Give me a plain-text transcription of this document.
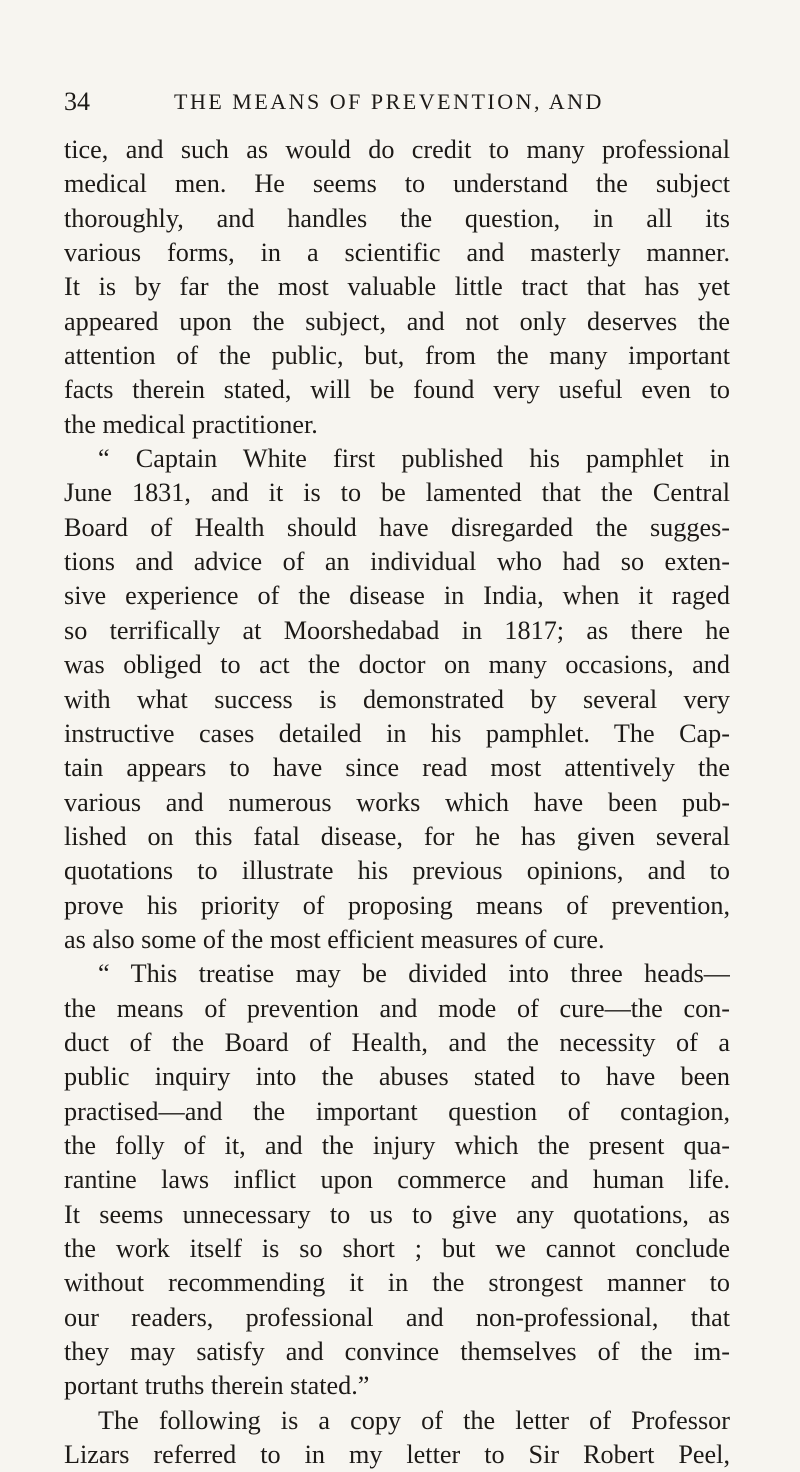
34	THE MEANS OF PREVENTION, AND
tice, and such as would do credit to many professional
medical men. He seems to understand the subject
thoroughly, and handles the question, in all its
various forms, in a scientific and masterly manner.
It is by far the most valuable little tract that has yet
appeared upon the subject, and not only deserves the
attention of the public, but, from the many important
facts therein stated, will be found very useful even to
the medical practitioner.
“ Captain White first published his pamphlet in
June 1831, and it is to be lamented that the Central
Board of Health should have disregarded the sugges-
tions and advice of an individual who had so exten-
sive experience of the disease in India, when it raged
so terrifically at Moorshedabad in 1817; as there he
was obliged to act the doctor on many occasions, and
with what success is demonstrated by several very
instructive cases detailed in his pamphlet. The Cap-
tain appears to have since read most attentively the
various and numerous works which have been pub-
lished on this fatal disease, for he has given several
quotations to illustrate his previous opinions, and to
prove his priority of proposing means of prevention,
as also some of the most efficient measures of cure.
“ This treatise may be divided into three heads—
the means of prevention and mode of cure—the con-
duct of the Board of Health, and the necessity of a
public inquiry into the abuses stated to have been
practised—and the important question of contagion,
the folly of it, and the injury which the present qua-
rantine laws inflict upon commerce and human life.
It seems unnecessary to us to give any quotations, as
the work itself is so short ; but we cannot conclude
without recommending it in the strongest manner to
our readers, professional and non-professional, that
they may satisfy and convince themselves of the im-
portant truths therein stated.”
The following is a copy of the letter of Professor
Lizars referred to in my letter to Sir Robert Peel,
